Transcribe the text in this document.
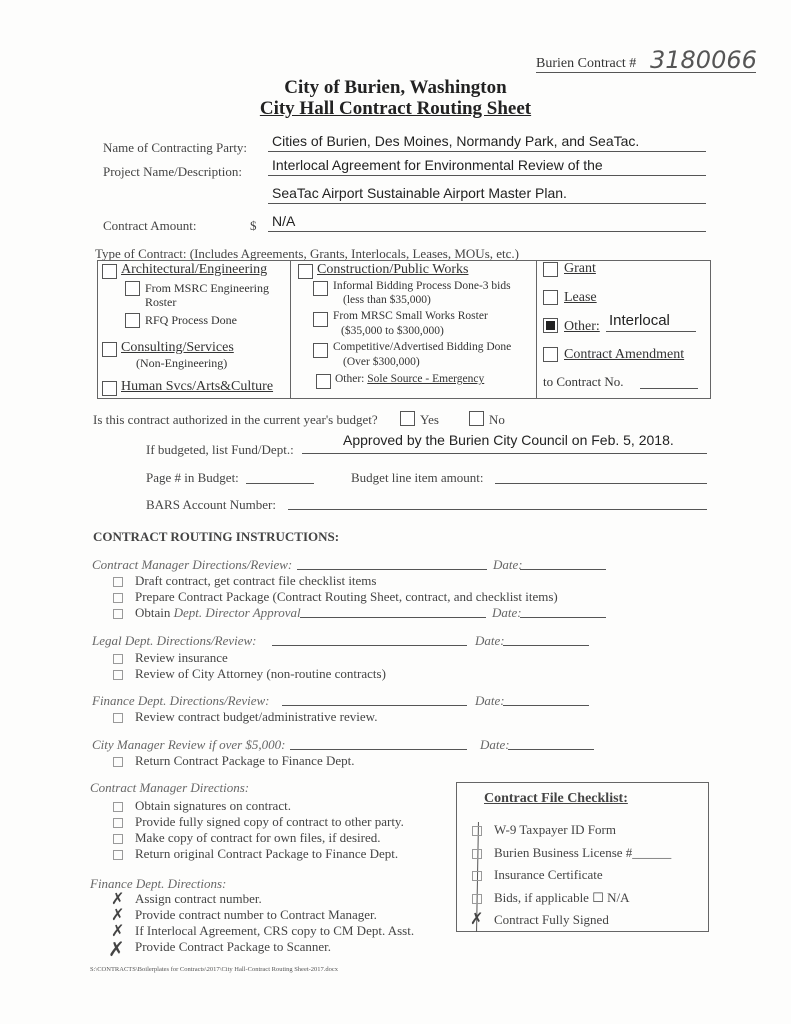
Burien Contract # 3180066
City of Burien, Washington
City Hall Contract Routing Sheet
Name of Contracting Party: Cities of Burien, Des Moines, Normandy Park, and SeaTac.
Project Name/Description: Interlocal Agreement for Environmental Review of the
SeaTac Airport Sustainable Airport Master Plan.
Contract Amount:	$ N/A
Type of Contract: (Includes Agreements, Grants, Interlocals, Leases, MOUs, etc.)
Architectural/Engineering
From MSRC Engineering
Roster
RFQ Process Done
Consulting/Services
(Non-Engineering)
Human Svcs/Arts&Culture
Construction/Public Works
Informal Bidding Process Done-3 bids
(less than $35,000)
From MRSC Small Works Roster
($35,000 to $300,000)
Competitive/Advertised Bidding Done
(Over $300,000)
Other: Sole Source - Emergency
Grant
Lease
Other: Interlocal
Contract Amendment
to Contract No.
Is this contract authorized in the current year's budget?	Yes	No
If budgeted, list Fund/Dept.:
Approved by the Burien City Council on Feb. 5, 2018.
Page # in Budget:	Budget line item amount:
BARS Account Number:
CONTRACT ROUTING INSTRUCTIONS:
Contract Manager Directions/Review:	Date:
Draft contract, get contract file checklist items
Prepare Contract Package (Contract Routing Sheet, contract, and checklist items)
Obtain Dept. Director Approval	Date:
Legal Dept. Directions/Review:	Date:
Review insurance
Review of City Attorney (non-routine contracts)
Finance Dept. Directions/Review:	Date:
Review contract budget/administrative review.
City Manager Review if over $5,000:	Date:
Return Contract Package to Finance Dept.
Contract Manager Directions:
Obtain signatures on contract.
Provide fully signed copy of contract to other party.
Make copy of contract for own files, if desired.
Return original Contract Package to Finance Dept.
Finance Dept. Directions:
✗ Assign contract number.
✗ Provide contract number to Contract Manager.
✗ If Interlocal Agreement, CRS copy to CM Dept. Asst.
✗ Provide Contract Package to Scanner.
Contract File Checklist:
W-9 Taxpayer ID Form
Burien Business License #______
Insurance Certificate
Bids, if applicable ☐ N/A
✗ Contract Fully Signed
S:\CONTRACTS\Boilerplates for Contracts\2017\City Hall-Contract Routing Sheet-2017.docx
